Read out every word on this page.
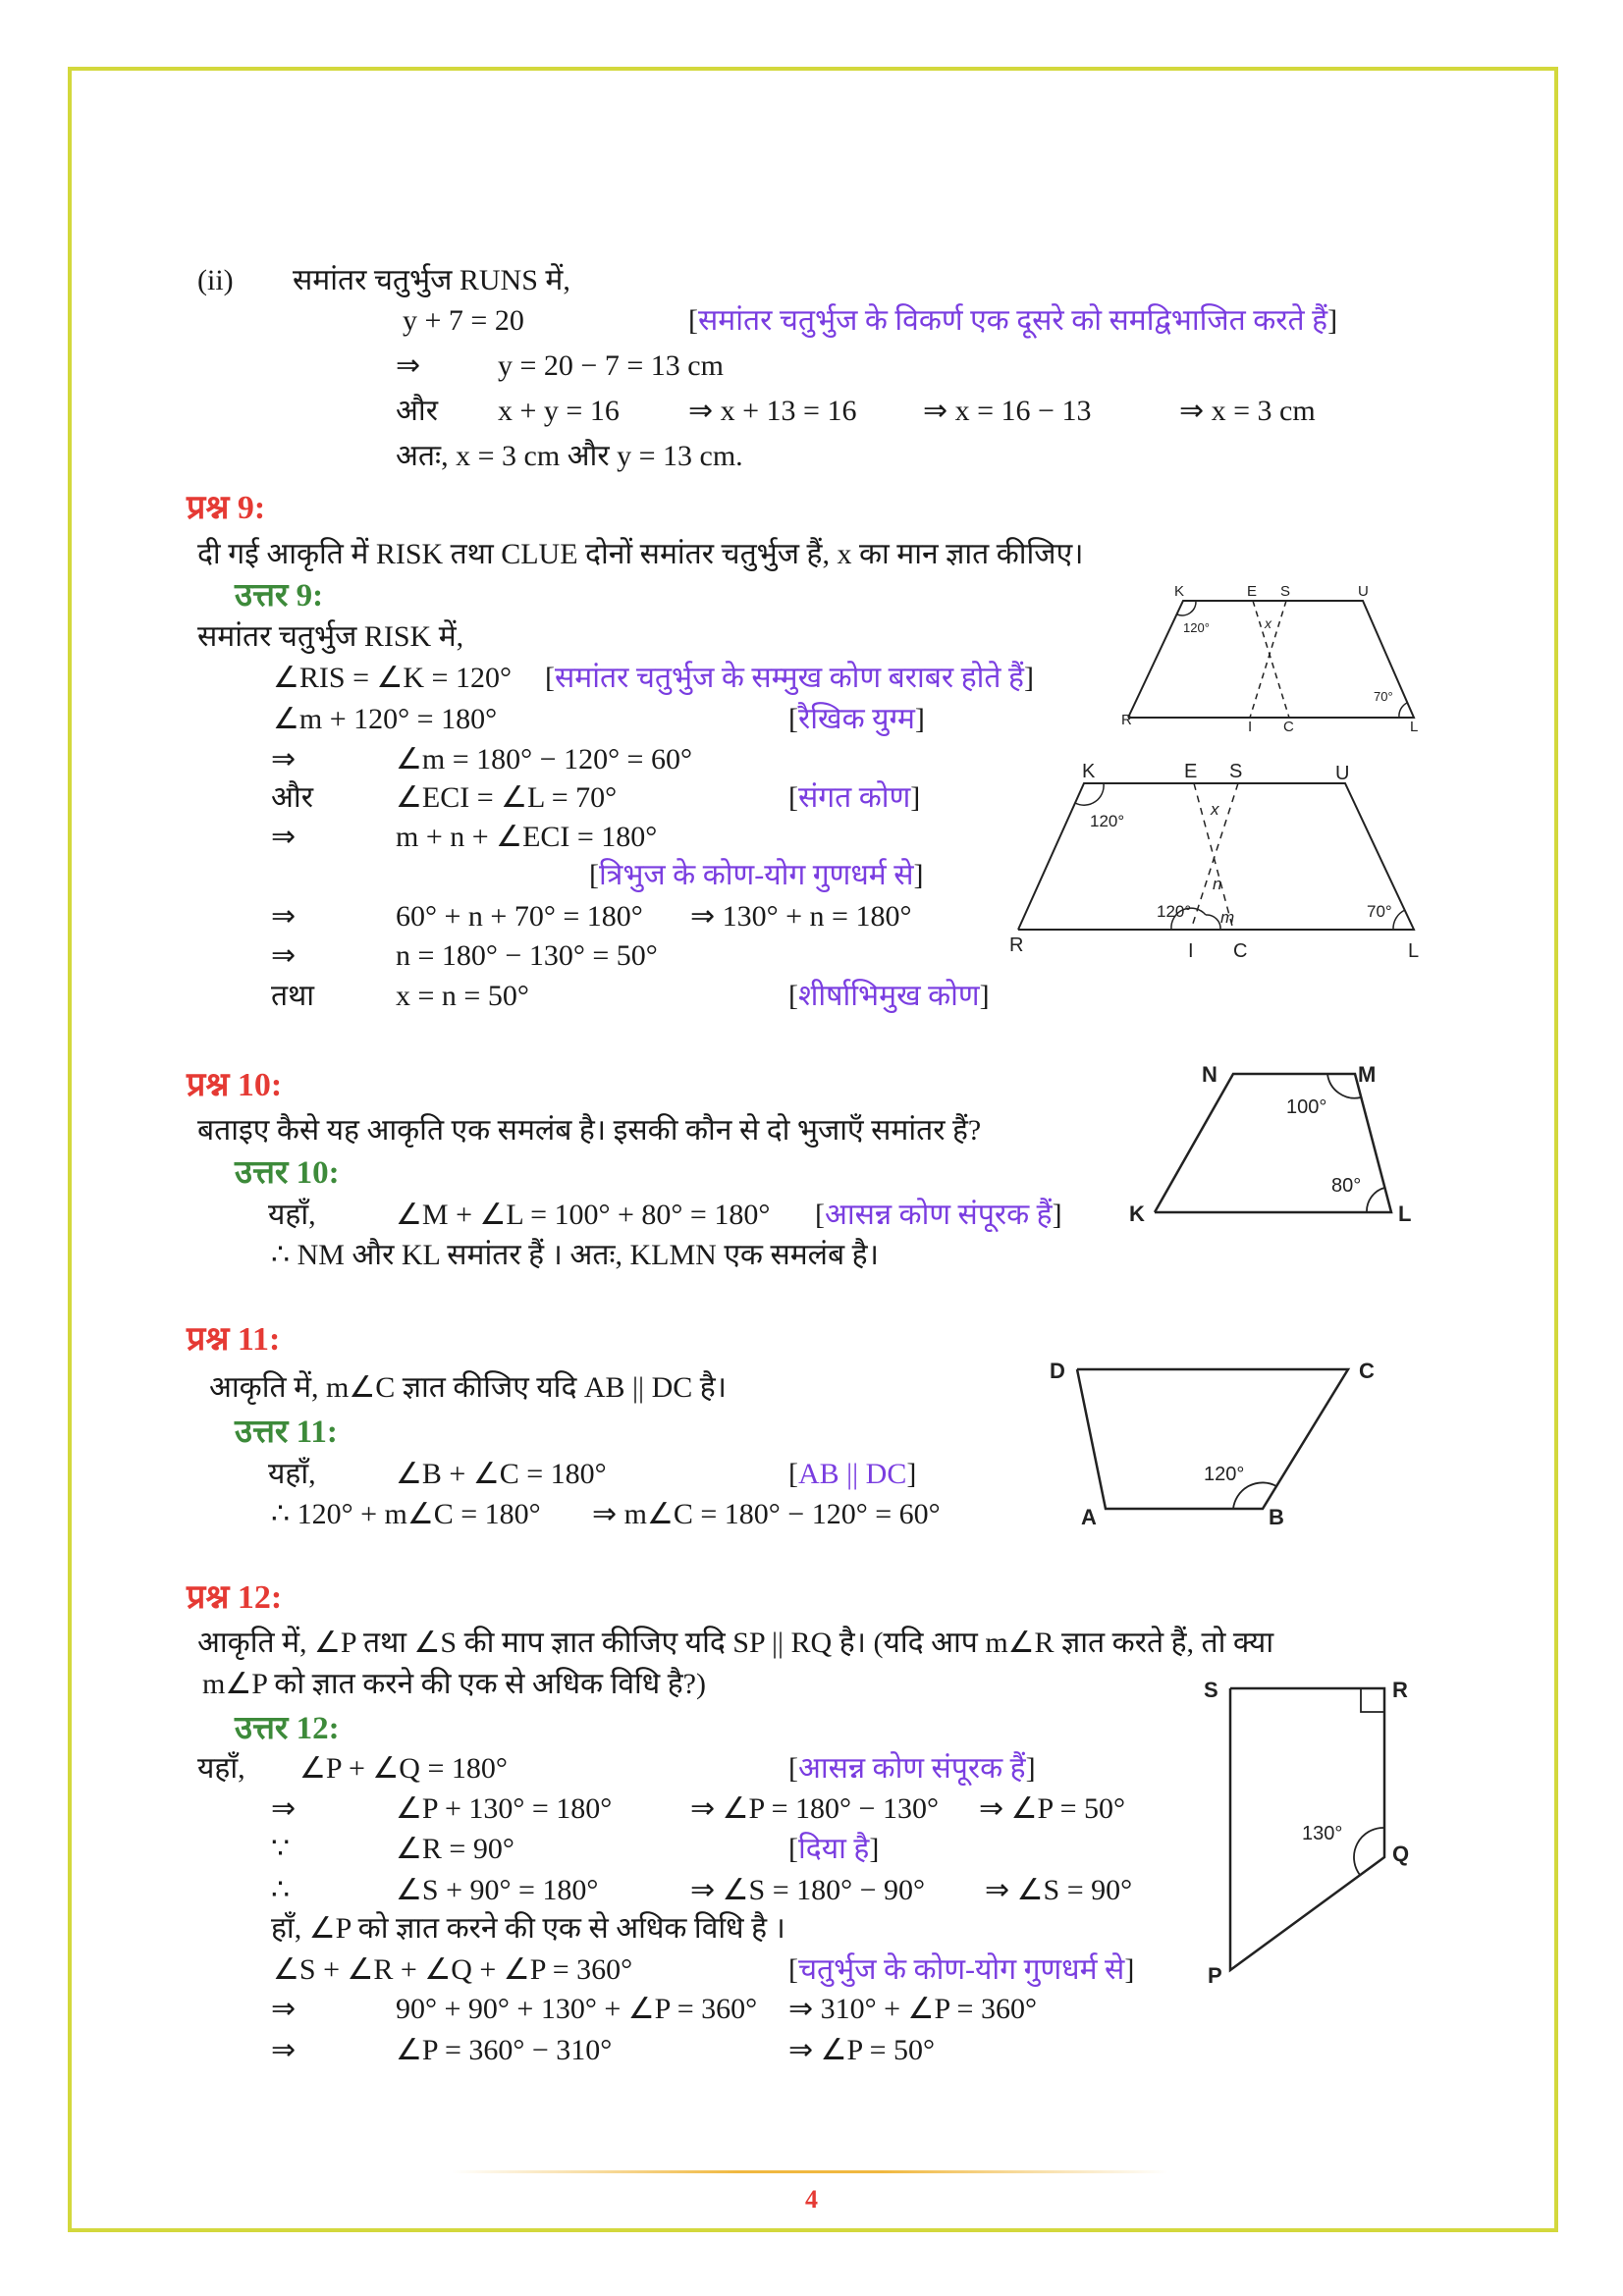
(ii) समांतर चतुर्भुज RUNS में,
y + 7 = 20	[ समांतर चतुर्भुज के विकर्ण एक दूसरे को समद्विभाजित करते हैं ]
⇒	y = 20 − 7 = 13 cm
और x + y = 16 ⇒ x + 13 = 16 ⇒ x = 16 − 13	⇒ x = 3 cm
अतः, x = 3 cm और y = 13 cm.
प्रश्न 9:
दी गई आकृति में RISK तथा CLUE दोनों समांतर चतुर्भुज हैं, x का मान ज्ञात कीजिए।
उत्तर 9:
समांतर चतुर्भुज RISK में,
∠RIS = ∠K = 120°	[ समांतर चतुर्भुज के सम्मुख कोण बराबर होते हैं ]
∠m + 120° = 180°	[ रैखिक युग्म ]
⇒	∠m = 180° − 120° = 60°
और	∠ECI = ∠L = 70°	[ संगत कोण ]
⇒	m + n + ∠ECI = 180°
[ त्रिभुज के कोण-योग गुणधर्म से ]
⇒	60° + n + 70° = 180° ⇒ 130° + n = 180°
⇒	n = 180° − 130° = 50°
तथा	x = n = 50°	[ शीर्षाभिमुख कोण ]
प्रश्न 10:
बताइए कैसे यह आकृति एक समलंब है। इसकी कौन से दो भुजाएँ समांतर हैं?
उत्तर 10:
यहाँ,	∠M + ∠L = 100° + 80° = 180°	[ आसन्न कोण संपूरक हैं ]
∴ NM और KL समांतर हैं । अतः, KLMN एक समलंब है।
प्रश्न 11:
आकृति में, m∠C ज्ञात कीजिए यदि AB || DC है।
उत्तर 11:
यहाँ,	∠B + ∠C = 180°	[ AB || DC ]
∴ 120° + m∠C = 180° ⇒ m∠C = 180° − 120° = 60°
प्रश्न 12:
आकृति में, ∠P तथा ∠S की माप ज्ञात कीजिए यदि SP || RQ है। (यदि आप m∠R ज्ञात करते हैं, तो क्या
m∠P को ज्ञात करने की एक से अधिक विधि है?)
उत्तर 12:
यहाँ, ∠P + ∠Q = 180°	[ आसन्न कोण संपूरक हैं ]
⇒	∠P + 130° = 180°	⇒ ∠P = 180° − 130° ⇒ ∠P = 50°
∵	∠R = 90°	[ दिया है ]
∴	∠S + 90° = 180°	⇒ ∠S = 180° − 90° ⇒ ∠S = 90°
हाँ, ∠P को ज्ञात करने की एक से अधिक विधि है ।
∠S + ∠R + ∠Q + ∠P = 360°	[ चतुर्भुज के कोण-योग गुणधर्म से ]
⇒	90° + 90° + 130° + ∠P = 360° ⇒ 310° + ∠P = 360°
⇒	∠P = 360° − 310°	⇒ ∠P = 50°
K	E S	U
R	I C	L
120°
70°
x
K	E S	U
R	I C	L
120°
70°
120°
x
n
m
N	M
K	L
100°
80°
D	C
A	B
120°
S	R
Q
P
130°
4
